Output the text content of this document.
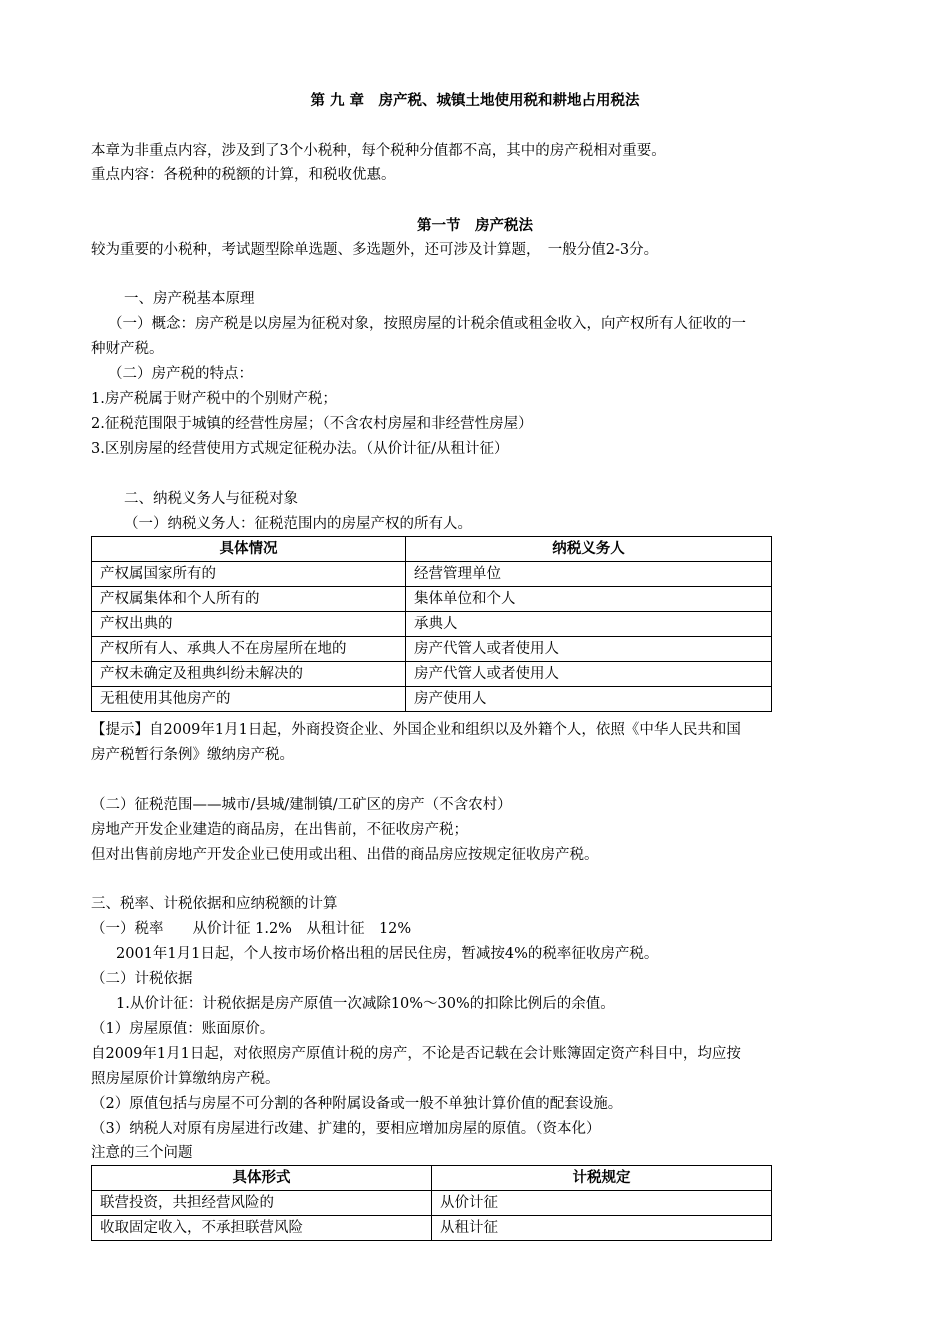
第 九 章　房产税、城镇土地使用税和耕地占用税法
本章为非重点内容，涉及到了3个小税种，每个税种分值都不高，其中的房产税相对重要。
重点内容：各税种的税额的计算，和税收优惠。
第一节　房产税法
较为重要的小税种，考试题型除单选题、多选题外，还可涉及计算题，　一般分值2-3分。
一、房产税基本原理
（一）概念：房产税是以房屋为征税对象，按照房屋的计税余值或租金收入，向产权所有人征收的一
种财产税。
（二）房产税的特点：
1.房产税属于财产税中的个别财产税；
2.征税范围限于城镇的经营性房屋；（不含农村房屋和非经营性房屋）
3.区别房屋的经营使用方式规定征税办法。（从价计征/从租计征）
二、纳税义务人与征税对象
（一）纳税义务人：征税范围内的房屋产权的所有人。
具体情况	纳税义务人
产权属国家所有的	经营管理单位
产权属集体和个人所有的	集体单位和个人
产权出典的	承典人
产权所有人、承典人不在房屋所在地的	房产代管人或者使用人
产权未确定及租典纠纷未解决的	房产代管人或者使用人
无租使用其他房产的	房产使用人
【提示】自2009年1月1日起，外商投资企业、外国企业和组织以及外籍个人，依照《中华人民共和国
房产税暂行条例》缴纳房产税。
（二）征税范围——城市/县城/建制镇/工矿区的房产（不含农村）
房地产开发企业建造的商品房，在出售前，不征收房产税；
但对出售前房地产开发企业已使用或出租、出借的商品房应按规定征收房产税。
三、税率、计税依据和应纳税额的计算
（一）税率　　从价计征 1.2%　从租计征　12%
2001年1月1日起，个人按市场价格出租的居民住房，暂减按4%的税率征收房产税。
（二）计税依据
1.从价计征：计税依据是房产原值一次减除10%～30%的扣除比例后的余值。
（1）房屋原值：账面原价。
自2009年1月1日起，对依照房产原值计税的房产，不论是否记载在会计账簿固定资产科目中，均应按
照房屋原价计算缴纳房产税。
（2）原值包括与房屋不可分割的各种附属设备或一般不单独计算价值的配套设施。
（3）纳税人对原有房屋进行改建、扩建的，要相应增加房屋的原值。（资本化）
注意的三个问题
具体形式	计税规定
联营投资，共担经营风险的	从价计征
收取固定收入，不承担联营风险	从租计征
